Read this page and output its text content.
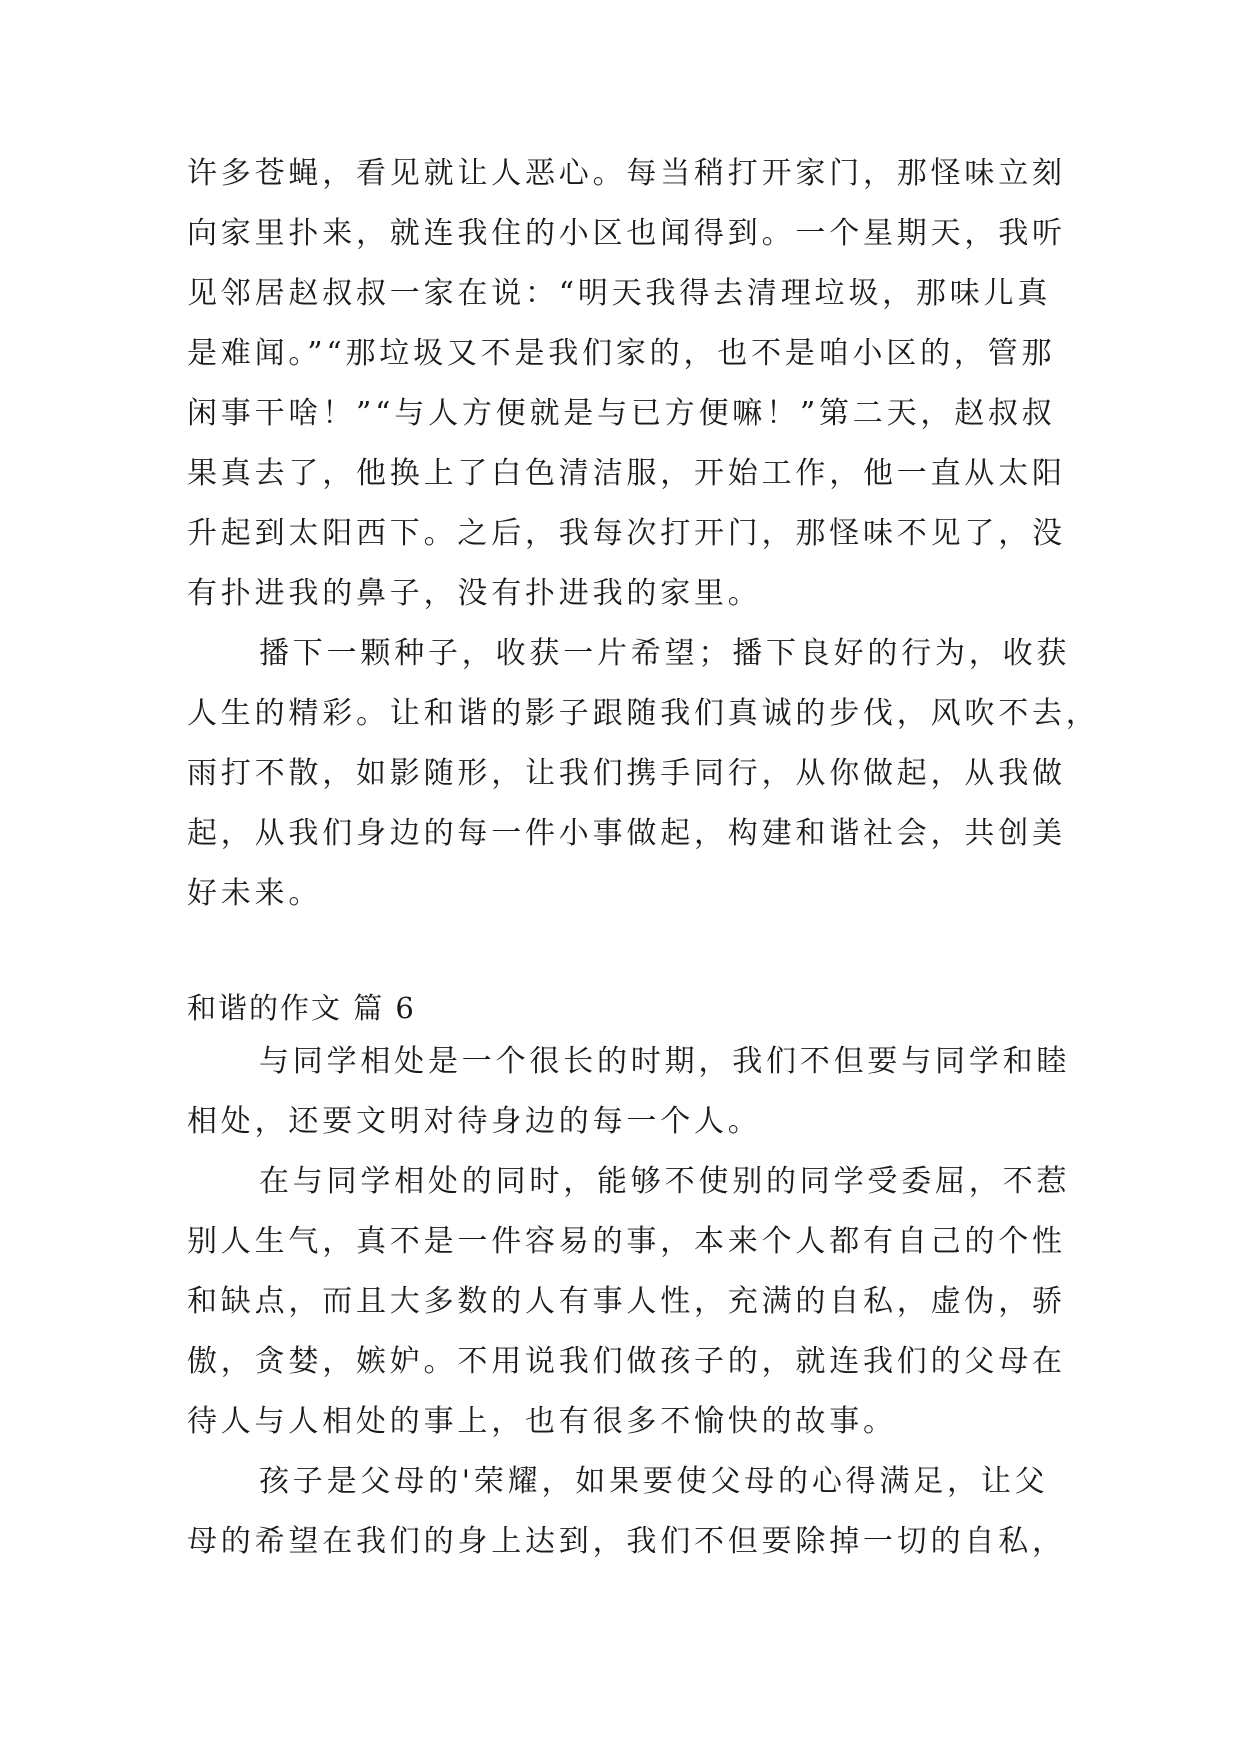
许多苍蝇，看见就让人恶心。每当稍打开家门，那怪味立刻
向家里扑来，就连我住的小区也闻得到。一个星期天，我听
见邻居赵叔叔一家在说：“明天我得去清理垃圾，那味儿真
是难闻。”“那垃圾又不是我们家的，也不是咱小区的，管那
闲事干啥！”“与人方便就是与已方便嘛！”第二天，赵叔叔
果真去了，他换上了白色清洁服，开始工作，他一直从太阳
升起到太阳西下。之后，我每次打开门，那怪味不见了，没
有扑进我的鼻子，没有扑进我的家里。
播下一颗种子，收获一片希望；播下良好的行为，收获
人生的精彩。让和谐的影子跟随我们真诚的步伐，风吹不去，
雨打不散，如影随形，让我们携手同行，从你做起，从我做
起，从我们身边的每一件小事做起，构建和谐社会，共创美
好未来。
和谐的作文 篇 6
与同学相处是一个很长的时期，我们不但要与同学和睦
相处，还要文明对待身边的每一个人。
在与同学相处的同时，能够不使别的同学受委屈，不惹
别人生气，真不是一件容易的事，本来个人都有自己的个性
和缺点，而且大多数的人有事人性，充满的自私，虚伪，骄
傲，贪婪，嫉妒。不用说我们做孩子的，就连我们的父母在
待人与人相处的事上，也有很多不愉快的故事。
孩子是父母的'荣耀，如果要使父母的心得满足，让父
母的希望在我们的身上达到，我们不但要除掉一切的自私，
